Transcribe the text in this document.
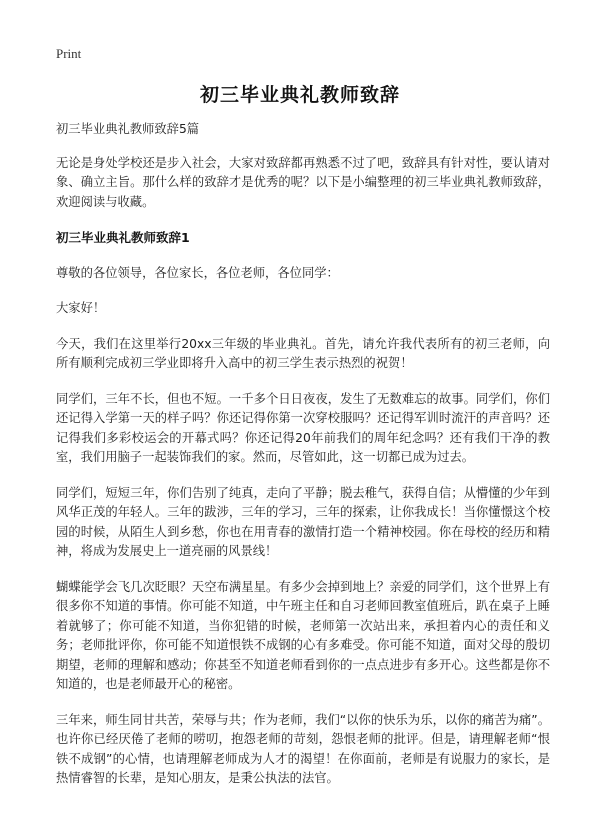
Print
初三毕业典礼教师致辞

初三毕业典礼教师致辞5篇

无论是身处学校还是步入社会，大家对致辞都再熟悉不过了吧，致辞具有针对性，要认请对象、确立主旨。那什么样的致辞才是优秀的呢？以下是小编整理的初三毕业典礼教师致辞，欢迎阅读与收藏。

初三毕业典礼教师致辞1

尊敬的各位领导，各位家长，各位老师，各位同学：

大家好！

今天，我们在这里举行20xx三年级的毕业典礼。首先，请允许我代表所有的初三老师，向所有顺利完成初三学业即将升入高中的初三学生表示热烈的祝贺！

同学们，三年不长，但也不短。一千多个日日夜夜，发生了无数难忘的故事。同学们，你们还记得入学第一天的样子吗？你还记得你第一次穿校服吗？还记得军训时流汗的声音吗？还记得我们多彩校运会的开幕式吗？你还记得20年前我们的周年纪念吗？还有我们干净的教室，我们用脑子一起装饰我们的家。然而，尽管如此，这一切都已成为过去。

同学们，短短三年，你们告别了纯真，走向了平静；脱去稚气，获得自信；从懵懂的少年到风华正茂的年轻人。三年的跋涉，三年的学习，三年的探索，让你我成长！当你懂憬这个校园的时候，从陌生人到乡愁，你也在用青春的激情打造一个精神校园。你在母校的经历和精神，将成为发展史上一道亮丽的风景线！

蝴蝶能学会飞几次眨眼？天空布满星星。有多少会掉到地上？亲爱的同学们，这个世界上有很多你不知道的事情。你可能不知道，中午班主任和自习老师回教室值班后，趴在桌子上睡着就够了；你可能不知道，当你犯错的时候，老师第一次站出来，承担着内心的责任和义务；老师批评你，你可能不知道恨铁不成钢的心有多难受。你可能不知道，面对父母的殷切期望，老师的理解和感动；你甚至不知道老师看到你的一点点进步有多开心。这些都是你不知道的，也是老师最开心的秘密。

三年来，师生同甘共苦，荣辱与共；作为老师，我们“以你的快乐为乐，以你的痛苦为痛”。也许你已经厌倦了老师的唠叨，抱怨老师的苛刻，怨恨老师的批评。但是，请理解老师“恨铁不成钢”的心情，也请理解老师成为人才的渴望！在你面前，老师是有说服力的家长，是热情睿智的长辈，是知心朋友，是秉公执法的法官。
